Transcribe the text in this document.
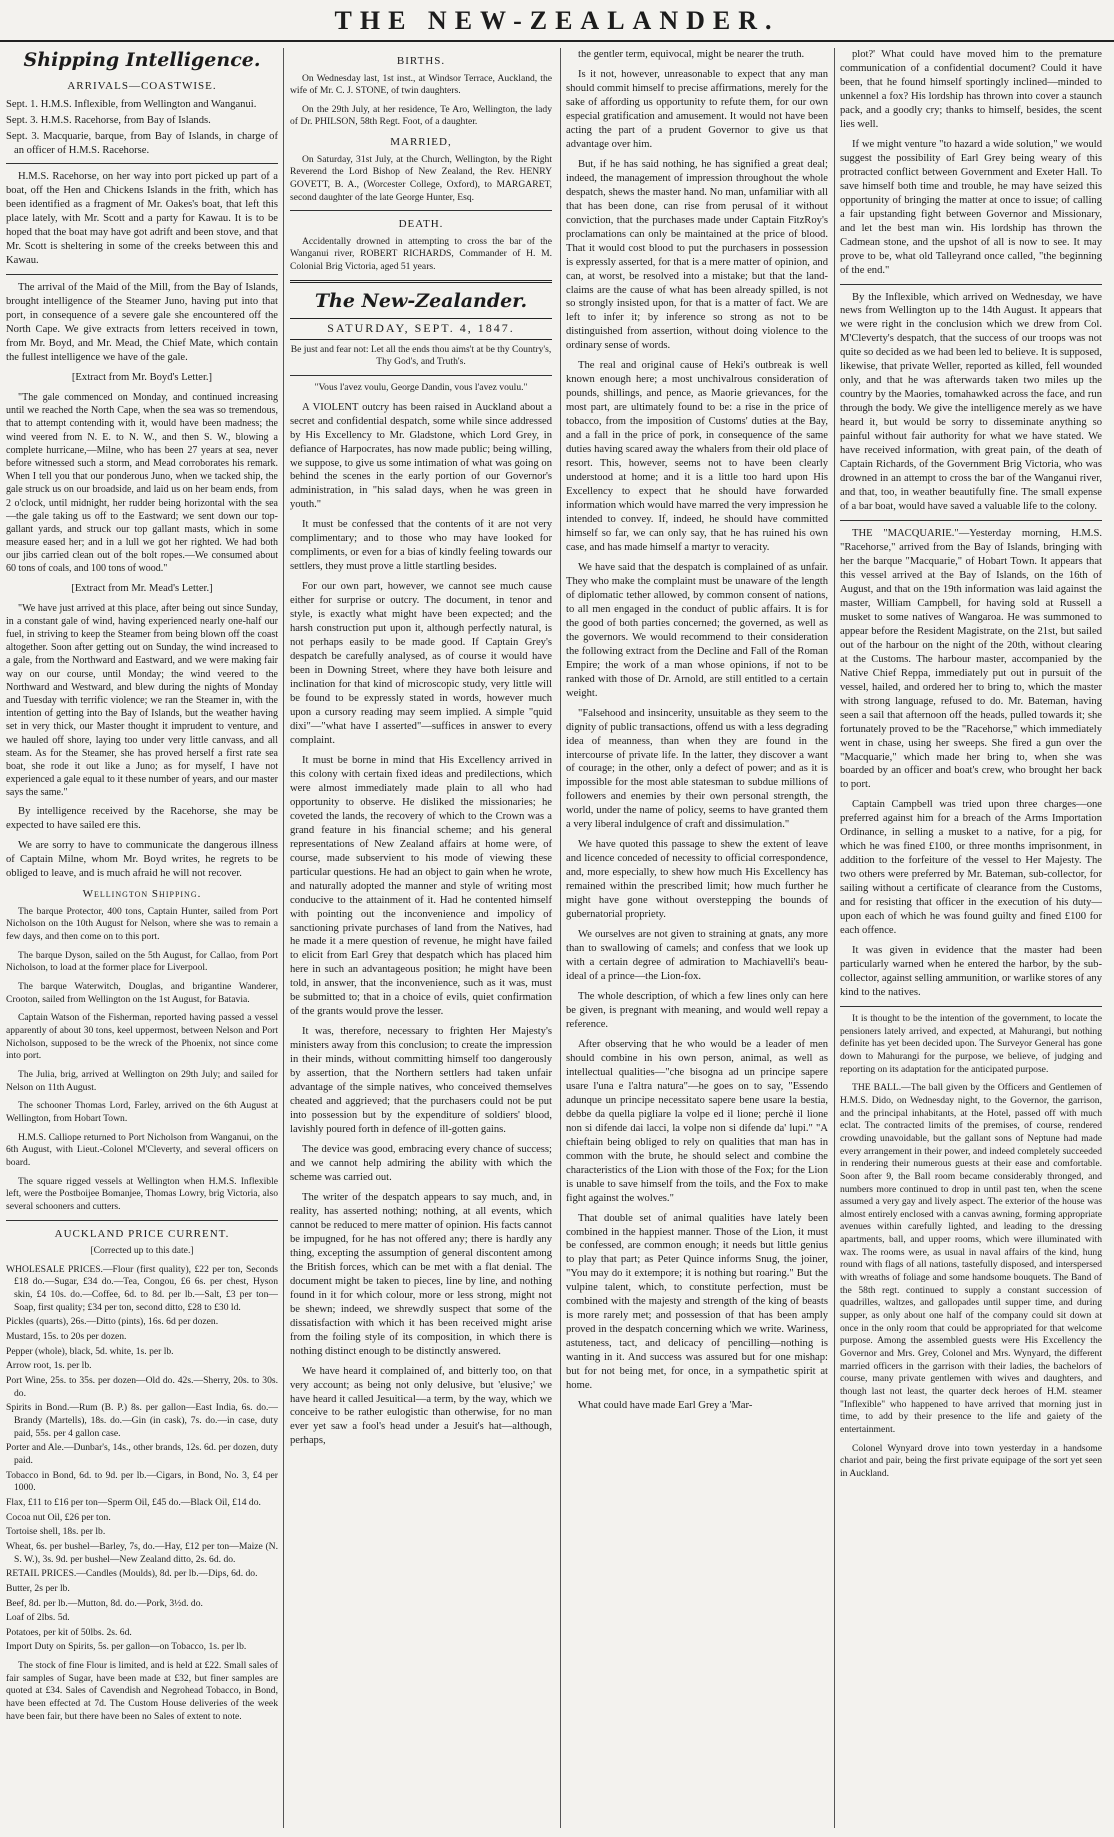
THE NEW-ZEALANDER.
Shipping Intelligence.
ARRIVALS—COASTWISE.
Sept. 1. H.M.S. Inflexible, from Wellington and Wanganui.
Sept. 3. H.M.S. Racehorse, from Bay of Islands.
Sept. 3. Macquarie, barque, from Bay of Islands, in charge of an officer of H.M.S. Racehorse.

H.M.S. Racehorse, on her way into port picked up part of a boat, off the Hen and Chickens Islands in the frith, which has been identified as a fragment of Mr. Oakes's boat, that left this place lately, with Mr. Scott and a party for Kawau. It is to be hoped that the boat may have got adrift and been stove, and that Mr. Scott is sheltering in some of the creeks between this and Kawau.

The arrival of the Maid of the Mill, from the Bay of Islands, brought intelligence of the Steamer Juno, having put into that port, in consequence of a severe gale she encountered off the North Cape. We give extracts from letters received in town, from Mr. Boyd, and Mr. Mead, the Chief Mate, which contain the fullest intelligence we have of the gale.

[Extract from Mr. Boyd's Letter.]

"The gale commenced on Monday, and continued increasing until we reached the North Cape, when the sea was so tremendous, that to attempt contending with it, would have been madness; the wind veered from N. E. to N. W., and then S. W., blowing a complete hurricane,—Milne, who has been 27 years at sea, never before witnessed such a storm, and Mead corroborates his remark. When I tell you that our ponderous Juno, when we tacked ship, the gale struck us on our broadside, and laid us on her beam ends, from 2 o'clock, until midnight, her rudder being horizontal with the sea—the gale taking us off to the Eastward; we sent down our top-gallant yards, and struck our top gallant masts, which in some measure eased her; and in a lull we got her righted. We had both our jibs carried clean out of the bolt ropes.—We consumed about 60 tons of coals, and 100 tons of wood."

[Extract from Mr. Mead's Letter.]

"We have just arrived at this place, after being out since Sunday, in a constant gale of wind, having experienced nearly one-half our fuel, in striving to keep the Steamer from being blown off the coast altogether. Soon after getting out on Sunday, the wind increased to a gale, from the Northward and Eastward, and we were making fair way on our course, until Monday; the wind veered to the Northward and Westward, and blew during the nights of Monday and Tuesday with terrific violence; we ran the Steamer in, with the intention of getting into the Bay of Islands, but the weather having set in very thick, our Master thought it imprudent to venture, and we hauled off shore, laying too under very little canvass, and all steam. As for the Steamer, she has proved herself a first rate sea boat, she rode it out like a Juno; as for myself, I have not experienced a gale equal to it these number of years, and our master says the same."

By intelligence received by the Racehorse, she may be expected to have sailed ere this.

We are sorry to have to communicate the dangerous illness of Captain Milne, whom Mr. Boyd writes, he regrets to be obliged to leave, and is much afraid he will not recover.

Wellington Shipping.

The barque Protector, 400 tons, Captain Hunter, sailed from Port Nicholson on the 10th August for Nelson, where she was to remain a few days, and then come on to this port.

The barque Dyson, sailed on the 5th August, for Callao, from Port Nicholson, to load at the former place for Liverpool.

The barque Waterwitch, Douglas, and brigantine Wanderer, Crooton, sailed from Wellington on the 1st August, for Batavia.

Captain Watson of the Fisherman, reported having passed a vessel apparently of about 30 tons, keel uppermost, between Nelson and Port Nicholson, supposed to be the wreck of the Phoenix, not since come into port.

The Julia, brig, arrived at Wellington on 29th July; and sailed for Nelson on 11th August.

The schooner Thomas Lord, Farley, arrived on the 6th August at Wellington, from Hobart Town.

H.M.S. Calliope returned to Port Nicholson from Wanganui, on the 6th August, with Lieut.-Colonel M'Cleverty, and several officers on board.

The square rigged vessels at Wellington when H.M.S. Inflexible left, were the Postboijee Bomanjee, Thomas Lowry, brig Victoria, also several schooners and cutters.

AUCKLAND PRICE CURRENT.

[Corrected up to this date.]

WHOLESALE PRICES.—Flour (first quality), £22 per ton, Seconds £18 do.—Sugar, £34 do.—Tea, Congou, £6 6s. per chest, Hyson skin, £4 10s. do.—Coffee, 6d. to 8d. per lb.—Salt, £3 per ton—Soap, first quality; £34 per ton, second ditto, £28 to £30 ld.
Pickles (quarts), 26s.—Ditto (pints), 16s. 6d per dozen.
Mustard, 15s. to 20s per dozen.
Pepper (whole), black, 5d. white, 1s. per lb.
Arrow root, 1s. per lb.
Port Wine, 25s. to 35s. per dozen—Old do. 42s.—Sherry, 20s. to 30s. do.
Spirits in Bond.—Rum (B. P.) 8s. per gallon—East India, 6s. do.—Brandy (Martells), 18s. do.—Gin (in cask), 7s. do.—in case, duty paid, 55s. per 4 gallon case.
Porter and Ale.—Dunbar's, 14s., other brands, 12s. 6d. per dozen, duty paid.
Tobacco in Bond, 6d. to 9d. per lb.—Cigars, in Bond, No. 3, £4 per 1000.
Flax, £11 to £16 per ton—Sperm Oil, £45 do.—Black Oil, £14 do.
Cocoa nut Oil, £26 per ton.
Tortoise shell, 18s. per lb.
Wheat, 6s. per bushel—Barley, 7s, do.—Hay, £12 per ton—Maize (N. S. W.), 3s. 9d. per bushel—New Zealand ditto, 2s. 6d. do.
RETAIL PRICES.—Candles (Moulds), 8d. per lb.—Dips, 6d. do.
Butter, 2s per lb.
Beef, 8d. per lb.—Mutton, 8d. do.—Pork, 3½d. do.
Loaf of 2lbs. 5d.
Potatoes, per kit of 50lbs. 2s. 6d.
Import Duty on Spirits, 5s. per gallon—on Tobacco, 1s. per lb.

The stock of fine Flour is limited, and is held at £22. Small sales of fair samples of Sugar, have been made at £32, but finer samples are quoted at £34. Sales of Cavendish and Negrohead Tobacco, in Bond, have been effected at 7d. The Custom House deliveries of the week have been fair, but there have been no Sales of extent to note.

BIRTHS.

On Wednesday last, 1st inst., at Windsor Terrace, Auckland, the wife of Mr. C. J. STONE, of twin daughters.

On the 29th July, at her residence, Te Aro, Wellington, the lady of Dr. PHILSON, 58th Regt. Foot, of a daughter.

MARRIED,

On Saturday, 31st July, at the Church, Wellington, by the Right Reverend the Lord Bishop of New Zealand, the Rev. HENRY GOVETT, B. A., (Worcester College, Oxford), to MARGARET, second daughter of the late George Hunter, Esq.

DEATH.

Accidentally drowned in attempting to cross the bar of the Wanganui river, ROBERT RICHARDS, Commander of H. M. Colonial Brig Victoria, aged 51 years.

The New-Zealander.
SATURDAY, SEPT. 4, 1847.

Be just and fear not: Let all the ends thou aims't at be thy Country's, Thy God's, and Truth's.

"Vous l'avez voulu, George Dandin, vous l'avez voulu."

A VIOLENT outcry has been raised in Auckland about a secret and confidential despatch, some while since addressed by His Excellency to Mr. Gladstone, which Lord Grey, in defiance of Harpocrates, has now made public; being willing, we suppose, to give us some intimation of what was going on behind the scenes in the early portion of our Governor's administration, in "his salad days, when he was green in youth."

It must be confessed that the contents of it are not very complimentary; and to those who may have looked for compliments, or even for a bias of kindly feeling towards our settlers, they must prove a little startling besides.

For our own part, however, we cannot see much cause either for surprise or outcry. The document, in tenor and style, is exactly what might have been expected; and the harsh construction put upon it, although perfectly natural, is not perhaps easily to be made good. If Captain Grey's despatch be carefully analysed, as of course it would have been in Downing Street, where they have both leisure and inclination for that kind of microscopic study, very little will be found to be expressly stated in words, however much upon a cursory reading may seem implied. A simple "quid dixi"—"what have I asserted"—suffices in answer to every complaint.

It must be borne in mind that His Excellency arrived in this colony with certain fixed ideas and predilections, which were almost immediately made plain to all who had opportunity to observe. He disliked the missionaries; he coveted the lands, the recovery of which to the Crown was a grand feature in his financial scheme; and his general representations of New Zealand affairs at home were, of course, made subservient to his mode of viewing these particular questions. He had an object to gain when he wrote, and naturally adopted the manner and style of writing most conducive to the attainment of it. Had he contented himself with pointing out the inconvenience and impolicy of sanctioning private purchases of land from the Natives, had he made it a mere question of revenue, he might have failed to elicit from Earl Grey that despatch which has placed him here in such an advantageous position; he might have been told, in answer, that the inconvenience, such as it was, must be submitted to; that in a choice of evils, quiet confirmation of the grants would prove the lesser.

It was, therefore, necessary to frighten Her Majesty's ministers away from this conclusion; to create the impression in their minds, without committing himself too dangerously by assertion, that the Northern settlers had taken unfair advantage of the simple natives, who conceived themselves cheated and aggrieved; that the purchasers could not be put into possession but by the expenditure of soldiers' blood, lavishly poured forth in defence of ill-gotten gains.

The device was good, embracing every chance of success; and we cannot help admiring the ability with which the scheme was carried out.

The writer of the despatch appears to say much, and, in reality, has asserted nothing; nothing, at all events, which cannot be reduced to mere matter of opinion. His facts cannot be impugned, for he has not offered any; there is hardly any thing, excepting the assumption of general discontent among the British forces, which can be met with a flat denial. The document might be taken to pieces, line by line, and nothing found in it for which colour, more or less strong, might not be shewn; indeed, we shrewdly suspect that some of the dissatisfaction with which it has been received might arise from the foiling style of its composition, in which there is nothing distinct enough to be distinctly answered.

We have heard it complained of, and bitterly too, on that very account; as being not only delusive, but 'elusive;' we have heard it called Jesuitical—a term, by the way, which we conceive to be rather eulogistic than otherwise, for no man ever yet saw a fool's head under a Jesuit's hat—although, perhaps,

the gentler term, equivocal, might be nearer the truth.

Is it not, however, unreasonable to expect that any man should commit himself to precise affirmations, merely for the sake of affording us opportunity to refute them, for our own especial gratification and amusement. It would not have been acting the part of a prudent Governor to give us that advantage over him.

But, if he has said nothing, he has signified a great deal; indeed, the management of impression throughout the whole despatch, shews the master hand. No man, unfamiliar with all that has been done, can rise from perusal of it without conviction, that the purchases made under Captain FitzRoy's proclamations can only be maintained at the price of blood. That it would cost blood to put the purchasers in possession is expressly asserted, for that is a mere matter of opinion, and can, at worst, be resolved into a mistake; but that the land-claims are the cause of what has been already spilled, is not so strongly insisted upon, for that is a matter of fact. We are left to infer it; by inference so strong as not to be distinguished from assertion, without doing violence to the ordinary sense of words.

The real and original cause of Heki's outbreak is well known enough here; a most unchivalrous consideration of pounds, shillings, and pence, as Maorie grievances, for the most part, are ultimately found to be: a rise in the price of tobacco, from the imposition of Customs' duties at the Bay, and a fall in the price of pork, in consequence of the same duties having scared away the whalers from their old place of resort. This, however, seems not to have been clearly understood at home; and it is a little too hard upon His Excellency to expect that he should have forwarded information which would have marred the very impression he intended to convey. If, indeed, he should have committed himself so far, we can only say, that he has ruined his own case, and has made himself a martyr to veracity.

We have said that the despatch is complained of as unfair. They who make the complaint must be unaware of the length of diplomatic tether allowed, by common consent of nations, to all men engaged in the conduct of public affairs. It is for the good of both parties concerned; the governed, as well as the governors. We would recommend to their consideration the following extract from the Decline and Fall of the Roman Empire; the work of a man whose opinions, if not to be ranked with those of Dr. Arnold, are still entitled to a certain weight.

"Falsehood and insincerity, unsuitable as they seem to the dignity of public transactions, offend us with a less degrading idea of meanness, than when they are found in the intercourse of private life. In the latter, they discover a want of courage; in the other, only a defect of power; and as it is impossible for the most able statesman to subdue millions of followers and enemies by their own personal strength, the world, under the name of policy, seems to have granted them a very liberal indulgence of craft and dissimulation."

We have quoted this passage to shew the extent of leave and licence conceded of necessity to official correspondence, and, more especially, to shew how much His Excellency has remained within the prescribed limit; how much further he might have gone without overstepping the bounds of gubernatorial propriety.

We ourselves are not given to straining at gnats, any more than to swallowing of camels; and confess that we look up with a certain degree of admiration to Machiavelli's beau-ideal of a prince—the Lion-fox.

The whole description, of which a few lines only can here be given, is pregnant with meaning, and would well repay a reference.

After observing that he who would be a leader of men should combine in his own person, animal, as well as intellectual qualities—"che bisogna ad un principe sapere usare l'una e l'altra natura"—he goes on to say, "Essendo adunque un principe necessitato sapere bene usare la bestia, debbe da quella pigliare la volpe ed il lione; perchè il lione non si difende dai lacci, la volpe non si difende da' lupi." "A chieftain being obliged to rely on qualities that man has in common with the brute, he should select and combine the characteristics of the Lion with those of the Fox; for the Lion is unable to save himself from the toils, and the Fox to make fight against the wolves."

That double set of animal qualities have lately been combined in the happiest manner. Those of the Lion, it must be confessed, are common enough; it needs but little genius to play that part; as Peter Quince informs Snug, the joiner, "You may do it extempore; it is nothing but roaring." But the vulpine talent, which, to constitute perfection, must be combined with the majesty and strength of the king of beasts is more rarely met; and possession of that has been amply proved in the despatch concerning which we write. Wariness, astuteness, tact, and delicacy of pencilling—nothing is wanting in it. And success was assured but for one mishap: but for not being met, for once, in a sympathetic spirit at home.

What could have made Earl Grey a 'Mar-

plot?' What could have moved him to the premature communication of a confidential document? Could it have been, that he found himself sportingly inclined—minded to unkennel a fox? His lordship has thrown into cover a staunch pack, and a goodly cry; thanks to himself, besides, the scent lies well.

If we might venture "to hazard a wide solution," we would suggest the possibility of Earl Grey being weary of this protracted conflict between Government and Exeter Hall. To save himself both time and trouble, he may have seized this opportunity of bringing the matter at once to issue; of calling a fair upstanding fight between Governor and Missionary, and let the best man win. His lordship has thrown the Cadmean stone, and the upshot of all is now to see. It may prove to be, what old Talleyrand once called, "the beginning of the end."

By the Inflexible, which arrived on Wednesday, we have news from Wellington up to the 14th August. It appears that we were right in the conclusion which we drew from Col. M'Cleverty's despatch, that the success of our troops was not quite so decided as we had been led to believe. It is supposed, likewise, that private Weller, reported as killed, fell wounded only, and that he was afterwards taken two miles up the country by the Maories, tomahawked across the face, and run through the body. We give the intelligence merely as we have heard it, but would be sorry to disseminate anything so painful without fair authority for what we have stated. We have received information, with great pain, of the death of Captain Richards, of the Government Brig Victoria, who was drowned in an attempt to cross the bar of the Wanganui river, and that, too, in weather beautifully fine. The small expense of a bar boat, would have saved a valuable life to the colony.

THE "MACQUARIE."—Yesterday morning, H.M.S. "Racehorse," arrived from the Bay of Islands, bringing with her the barque "Macquarie," of Hobart Town. It appears that this vessel arrived at the Bay of Islands, on the 16th of August, and that on the 19th information was laid against the master, William Campbell, for having sold at Russell a musket to some natives of Wangaroa. He was summoned to appear before the Resident Magistrate, on the 21st, but sailed out of the harbour on the night of the 20th, without clearing at the Customs. The harbour master, accompanied by the Native Chief Reppa, immediately put out in pursuit of the vessel, hailed, and ordered her to bring to, which the master with strong language, refused to do. Mr. Bateman, having seen a sail that afternoon off the heads, pulled towards it; she fortunately proved to be the "Racehorse," which immediately went in chase, using her sweeps. She fired a gun over the "Macquarie," which made her bring to, when she was boarded by an officer and boat's crew, who brought her back to port.

Captain Campbell was tried upon three charges—one preferred against him for a breach of the Arms Importation Ordinance, in selling a musket to a native, for a pig, for which he was fined £100, or three months imprisonment, in addition to the forfeiture of the vessel to Her Majesty. The two others were preferred by Mr. Bateman, sub-collector, for sailing without a certificate of clearance from the Customs, and for resisting that officer in the execution of his duty—upon each of which he was found guilty and fined £100 for each offence.

It was given in evidence that the master had been particularly warned when he entered the harbor, by the sub-collector, against selling ammunition, or warlike stores of any kind to the natives.

It is thought to be the intention of the government, to locate the pensioners lately arrived, and expected, at Mahurangi, but nothing definite has yet been decided upon. The Surveyor General has gone down to Mahurangi for the purpose, we believe, of judging and reporting on its adaptation for the anticipated purpose.

THE BALL.—The ball given by the Officers and Gentlemen of H.M.S. Dido, on Wednesday night, to the Governor, the garrison, and the principal inhabitants, at the Hotel, passed off with much eclat. The contracted limits of the premises, of course, rendered crowding unavoidable, but the gallant sons of Neptune had made every arrangement in their power, and indeed completely succeeded in rendering their numerous guests at their ease and comfortable. Soon after 9, the Ball room became considerably thronged, and numbers more continued to drop in until past ten, when the scene assumed a very gay and lively aspect. The exterior of the house was almost entirely enclosed with a canvas awning, forming appropriate avenues within carefully lighted, and leading to the dressing apartments, ball, and upper rooms, which were illuminated with wax. The rooms were, as usual in naval affairs of the kind, hung round with flags of all nations, tastefully disposed, and interspersed with wreaths of foliage and some handsome bouquets. The Band of the 58th regt. continued to supply a constant succession of quadrilles, waltzes, and gallopades until supper time, and during supper, as only about one half of the company could sit down at once in the only room that could be appropriated for that welcome purpose. Among the assembled guests were His Excellency the Governor and Mrs. Grey, Colonel and Mrs. Wynyard, the different married officers in the garrison with their ladies, the bachelors of course, many private gentlemen with wives and daughters, and though last not least, the quarter deck heroes of H.M. steamer "Inflexible" who happened to have arrived that morning just in time, to add by their presence to the life and gaiety of the entertainment.

Colonel Wynyard drove into town yesterday in a handsome chariot and pair, being the first private equipage of the sort yet seen in Auckland.
